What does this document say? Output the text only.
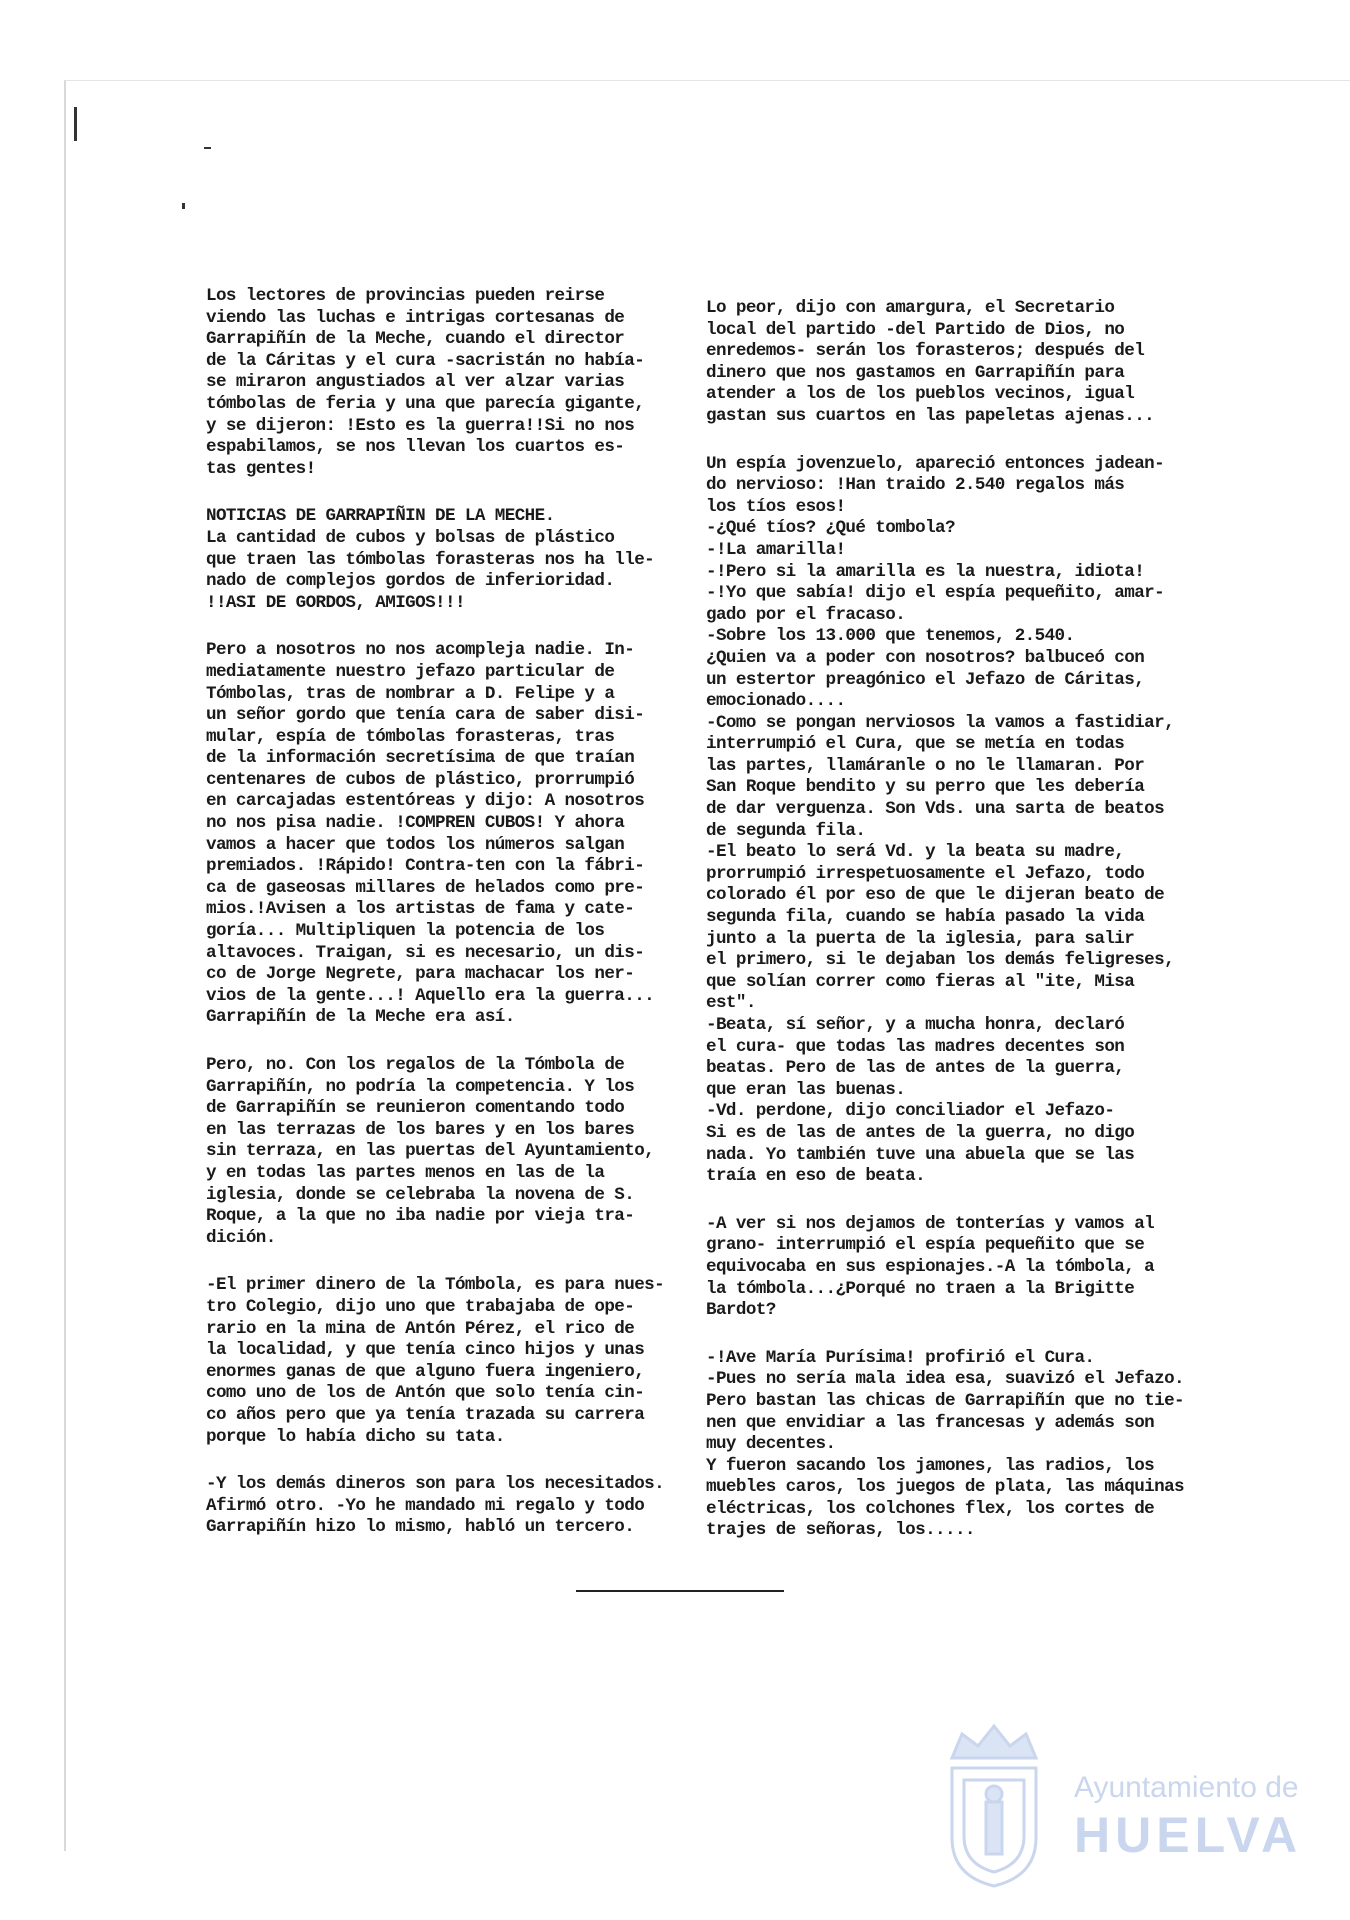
Los lectores de provincias pueden reirse
viendo las luchas e intrigas cortesanas de
Garrapiñín de la Meche, cuando el director
de la Cáritas y el cura -sacristán no había-
se miraron angustiados al ver alzar varias
tómbolas de feria y una que parecía gigante,
y se dijeron: !Esto es la guerra!!Si no nos
espabilamos, se nos llevan los cuartos es-
tas gentes!

NOTICIAS DE GARRAPIÑIN DE LA MECHE.
La cantidad de cubos y bolsas de plástico
que traen las tómbolas forasteras nos ha lle-
nado de complejos gordos de inferioridad.
!!ASI DE GORDOS, AMIGOS!!!

Pero a nosotros no nos acompleja nadie. In-
mediatamente nuestro jefazo particular de
Tómbolas, tras de nombrar a D. Felipe y a
un señor gordo que tenía cara de saber disi-
mular, espía de tómbolas forasteras, tras
de la información secretísima de que traían
centenares de cubos de plástico, prorrumpió
en carcajadas estentóreas y dijo: A nosotros
no nos pisa nadie. !COMPREN CUBOS! Y ahora
vamos a hacer que todos los números salgan
premiados. !Rápido! Contra-ten con la fábri-
ca de gaseosas millares de helados como pre-
mios.!Avisen a los artistas de fama y cate-
goría... Multipliquen la potencia de los
altavoces. Traigan, si es necesario, un dis-
co de Jorge Negrete, para machacar los ner-
vios de la gente...! Aquello era la guerra...
Garrapiñín de la Meche era así.

Pero, no. Con los regalos de la Tómbola de
Garrapiñín, no podría la competencia. Y los
de Garrapiñín se reunieron comentando todo
en las terrazas de los bares y en los bares
sin terraza, en las puertas del Ayuntamiento,
y en todas las partes menos en las de la
iglesia, donde se celebraba la novena de S.
Roque, a la que no iba nadie por vieja tra-
dición.

-El primer dinero de la Tómbola, es para nues-
tro Colegio, dijo uno que trabajaba de ope-
rario en la mina de Antón Pérez, el rico de
la localidad, y que tenía cinco hijos y unas
enormes ganas de que alguno fuera ingeniero,
como uno de los de Antón que solo tenía cin-
co años pero que ya tenía trazada su carrera
porque lo había dicho su tata.

-Y los demás dineros son para los necesitados.
Afirmó otro. -Yo he mandado mi regalo y todo
Garrapiñín hizo lo mismo, habló un tercero.

Lo peor, dijo con amargura, el Secretario
local del partido -del Partido de Dios, no
enredemos- serán los forasteros; después del
dinero que nos gastamos en Garrapiñín para
atender a los de los pueblos vecinos, igual
gastan sus cuartos en las papeletas ajenas...

Un espía jovenzuelo, apareció entonces jadean-
do nervioso: !Han traido 2.540 regalos más
los tíos esos!
-¿Qué tíos? ¿Qué tombola?
-!La amarilla!
-!Pero si la amarilla es la nuestra, idiota!
-!Yo que sabía! dijo el espía pequeñito, amar-
gado por el fracaso.
-Sobre los 13.000 que tenemos, 2.540.
¿Quien va a poder con nosotros? balbuceó con
un estertor preagónico el Jefazo de Cáritas,
emocionado....
-Como se pongan nerviosos la vamos a fastidiar,
interrumpió el Cura, que se metía en todas
las partes, llamáranle o no le llamaran. Por
San Roque bendito y su perro que les debería
de dar verguenza. Son Vds. una sarta de beatos
de segunda fila.
-El beato lo será Vd. y la beata su madre,
prorrumpió irrespetuosamente el Jefazo, todo
colorado él por eso de que le dijeran beato de
segunda fila, cuando se había pasado la vida
junto a la puerta de la iglesia, para salir
el primero, si le dejaban los demás feligreses,
que solían correr como fieras al "ite, Misa
est".
-Beata, sí señor, y a mucha honra, declaró
el cura- que todas las madres decentes son
beatas. Pero de las de antes de la guerra,
que eran las buenas.
-Vd. perdone, dijo conciliador el Jefazo-
Si es de las de antes de la guerra, no digo
nada. Yo también tuve una abuela que se las
traía en eso de beata.

-A ver si nos dejamos de tonterías y vamos al
grano- interrumpió el espía pequeñito que se
equivocaba en sus espionajes.-A la tómbola, a
la tómbola...¿Porqué no traen a la Brigitte
Bardot?

-!Ave María Purísima! profirió el Cura.
-Pues no sería mala idea esa, suavizó el Jefazo.
Pero bastan las chicas de Garrapiñín que no tie-
nen que envidiar a las francesas y además son
muy decentes.
Y fueron sacando los jamones, las radios, los
muebles caros, los juegos de plata, las máquinas
eléctricas, los colchones flex, los cortes de
trajes de señoras, los.....

Ayuntamiento de
HUELVA
